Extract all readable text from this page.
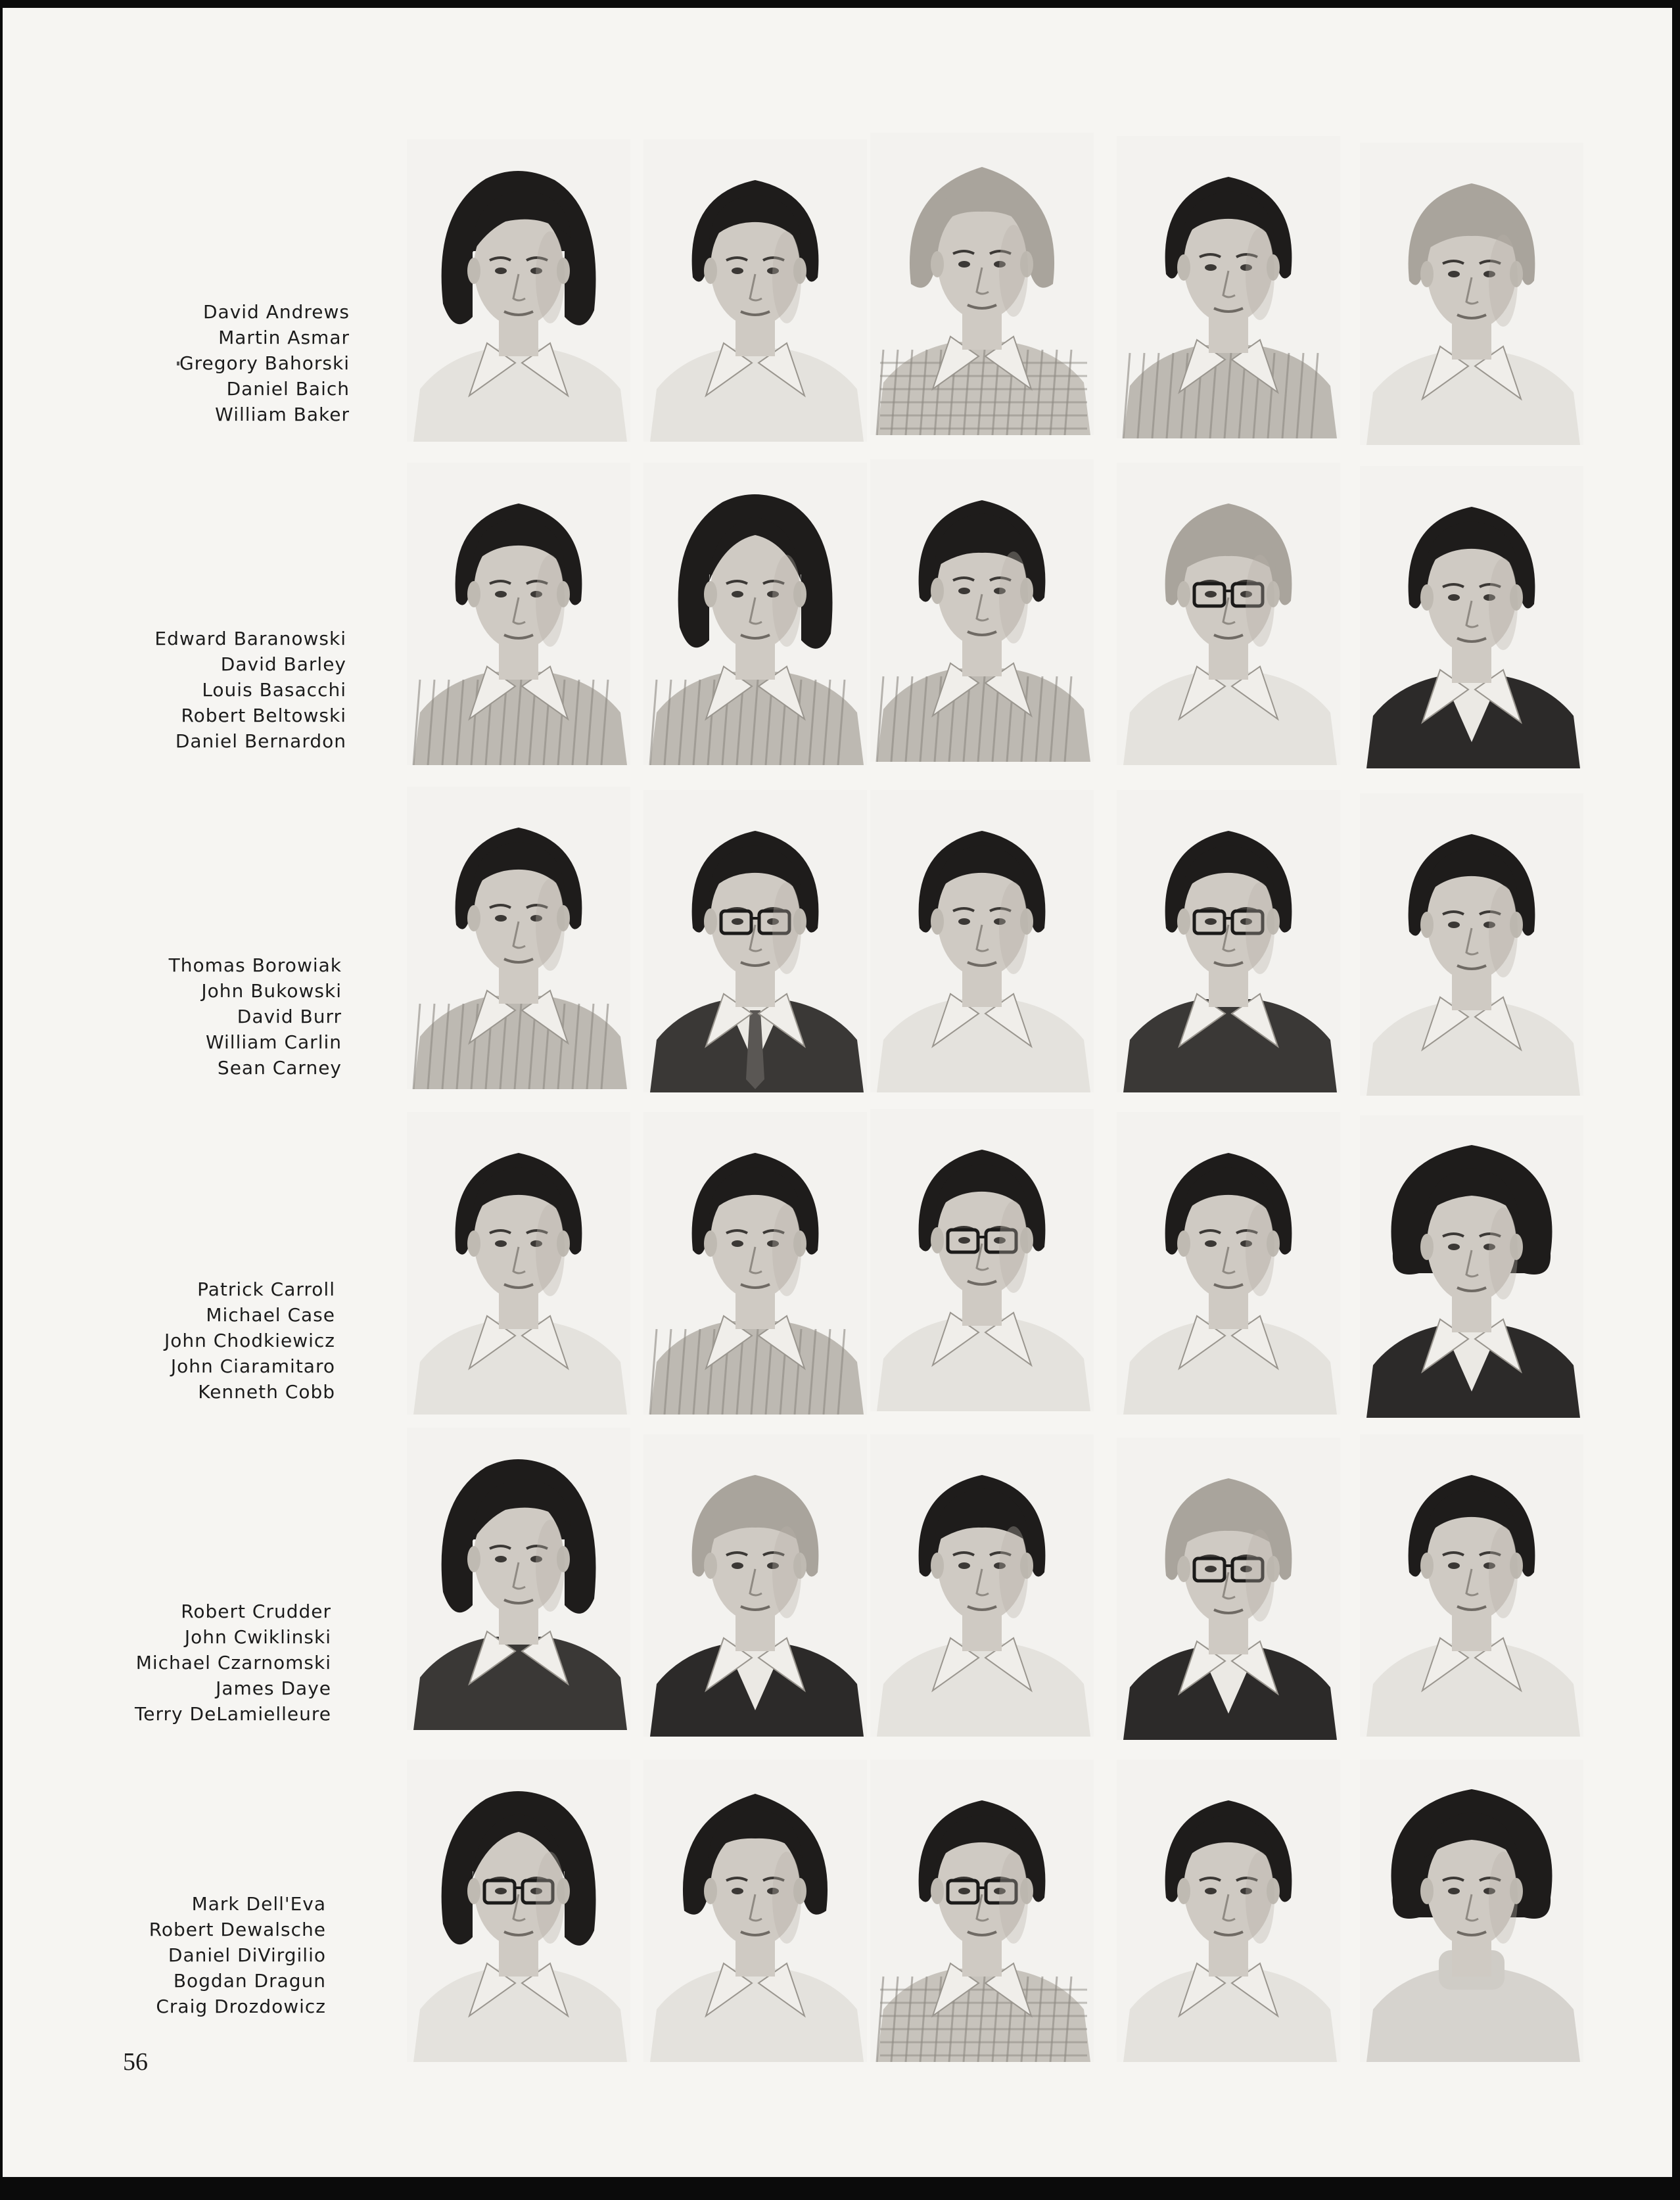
David Andrews
Martin Asmar
Gregory Bahorski
Daniel Baich
William Baker
Edward Baranowski
David Barley
Louis Basacchi
Robert Beltowski
Daniel Bernardon
Thomas Borowiak
John Bukowski
David Burr
William Carlin
Sean Carney
Patrick Carroll
Michael Case
John Chodkiewicz
John Ciaramitaro
Kenneth Cobb
Robert Crudder
John Cwiklinski
Michael Czarnomski
James Daye
Terry DeLamielleure
Mark Dell'Eva
Robert Dewalsche
Daniel DiVirgilio
Bogdan Dragun
Craig Drozdowicz
56
